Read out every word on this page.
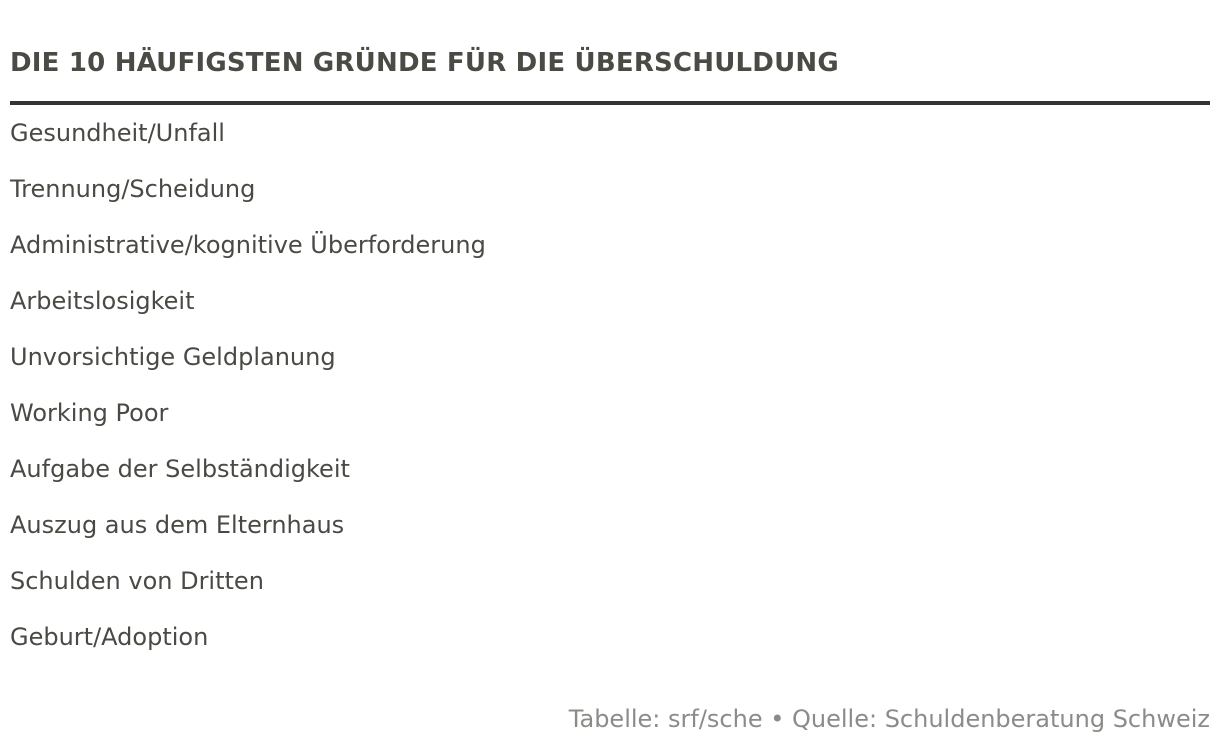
DIE 10 HÄUFIGSTEN GRÜNDE FÜR DIE ÜBERSCHULDUNG
Gesundheit/Unfall
Trennung/Scheidung
Administrative/kognitive Überforderung
Arbeitslosigkeit
Unvorsichtige Geldplanung
Working Poor
Aufgabe der Selbständigkeit
Auszug aus dem Elternhaus
Schulden von Dritten
Geburt/Adoption
Tabelle: srf/sche • Quelle: Schuldenberatung Schweiz
